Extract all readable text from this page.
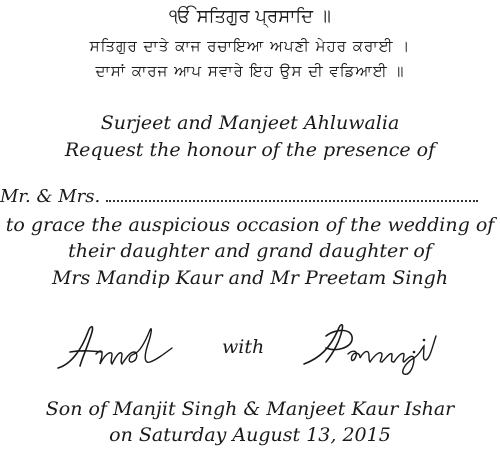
ੴ ਸਤਿਗੁਰ ਪ੍ਰਸਾਦਿ ॥
ਸਤਿਗੁਰ ਦਾਤੇ ਕਾਜ ਰਚਾਇਆ ਅਪਣੀ ਮੇਹਰ ਕਰਾਈ ।
ਦਾਸਾਂ ਕਾਰਜ ਆਪ ਸਵਾਰੇ ਇਹ ਉਸ ਦੀ ਵਡਿਆਈ ॥
Surjeet and Manjeet Ahluwalia
Request the honour of the presence of
Mr. & Mrs.
to grace the auspicious occasion of the wedding of
their daughter and grand daughter of
Mrs Mandip Kaur and Mr Preetam Singh
with
Son of Manjit Singh & Manjeet Kaur Ishar
on Saturday August 13, 2015
